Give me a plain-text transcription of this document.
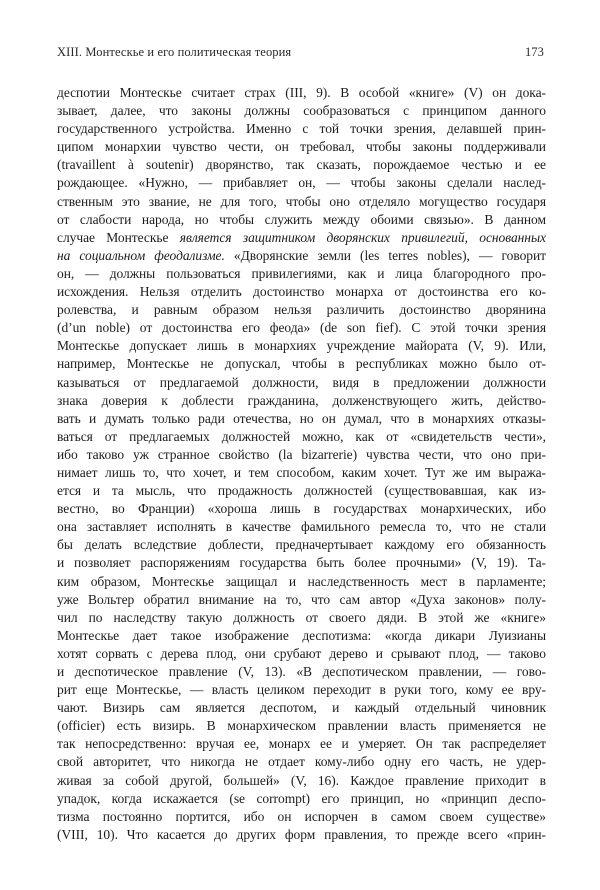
XIII. Монтескье и его политическая теория	173
деспотии Монтескье считает страх (III, 9). В особой «книге» (V) он дока-
зывает, далее, что законы должны сообразоваться с принципом данного
государственного устройства. Именно с той точки зрения, делавшей прин-
ципом монархии чувство чести, он требовал, чтобы законы поддерживали
(travaillent à soutenir) дворянство, так сказать, порождаемое честью и ее
рождающее. «Нужно, — прибавляет он, — чтобы законы сделали наслед-
ственным это звание, не для того, чтобы оно отделяло могущество государя
от слабости народа, но чтобы служить между обоими связью». В данном
случае Монтескье является защитником дворянских привилегий, основанных
на социальном феодализме. «Дворянские земли (les terres nobles), — говорит
он, — должны пользоваться привилегиями, как и лица благородного про-
исхождения. Нельзя отделить достоинство монарха от достоинства его ко-
ролевства, и равным образом нельзя различить достоинство дворянина
(d’un noble) от достоинства его феода» (de son fief). С этой точки зрения
Монтескье допускает лишь в монархиях учреждение майората (V, 9). Или,
например, Монтескье не допускал, чтобы в республиках можно было от-
казываться от предлагаемой должности, видя в предложении должности
знака доверия к доблести гражданина, долженствующего жить, действо-
вать и думать только ради отечества, но он думал, что в монархиях отказы-
ваться от предлагаемых должностей можно, как от «свидетельств чести»,
ибо таково уж странное свойство (la bizarrerie) чувства чести, что оно при-
нимает лишь то, что хочет, и тем способом, каким хочет. Тут же им выража-
ется и та мысль, что продажность должностей (существовавшая, как из-
вестно, во Франции) «хороша лишь в государствах монархических, ибо
она заставляет исполнять в качестве фамильного ремесла то, что не стали
бы делать вследствие доблести, предначертывает каждому его обязанность
и позволяет распоряжениям государства быть более прочными» (V, 19). Та-
ким образом, Монтескье защищал и наследственность мест в парламенте;
уже Вольтер обратил внимание на то, что сам автор «Духа законов» полу-
чил по наследству такую должность от своего дяди. В этой же «книге»
Монтескье дает такое изображение деспотизма: «когда дикари Луизианы
хотят сорвать с дерева плод, они срубают дерево и срывают плод, — таково
и деспотическое правление (V, 13). «В деспотическом правлении, — гово-
рит еще Монтескье, — власть целиком переходит в руки того, кому ее вру-
чают. Визирь сам является деспотом, и каждый отдельный чиновник
(officier) есть визирь. В монархическом правлении власть применяется не
так непосредственно: вручая ее, монарх ее и умеряет. Он так распределяет
свой авторитет, что никогда не отдает кому-либо одну его часть, не удер-
живая за собой другой, большей» (V, 16). Каждое правление приходит в
упадок, когда искажается (se corrompt) его принцип, но «принцип деспо-
тизма постоянно портится, ибо он испорчен в самом своем существе»
(VIII, 10). Что касается до других форм правления, то прежде всего «прин-
